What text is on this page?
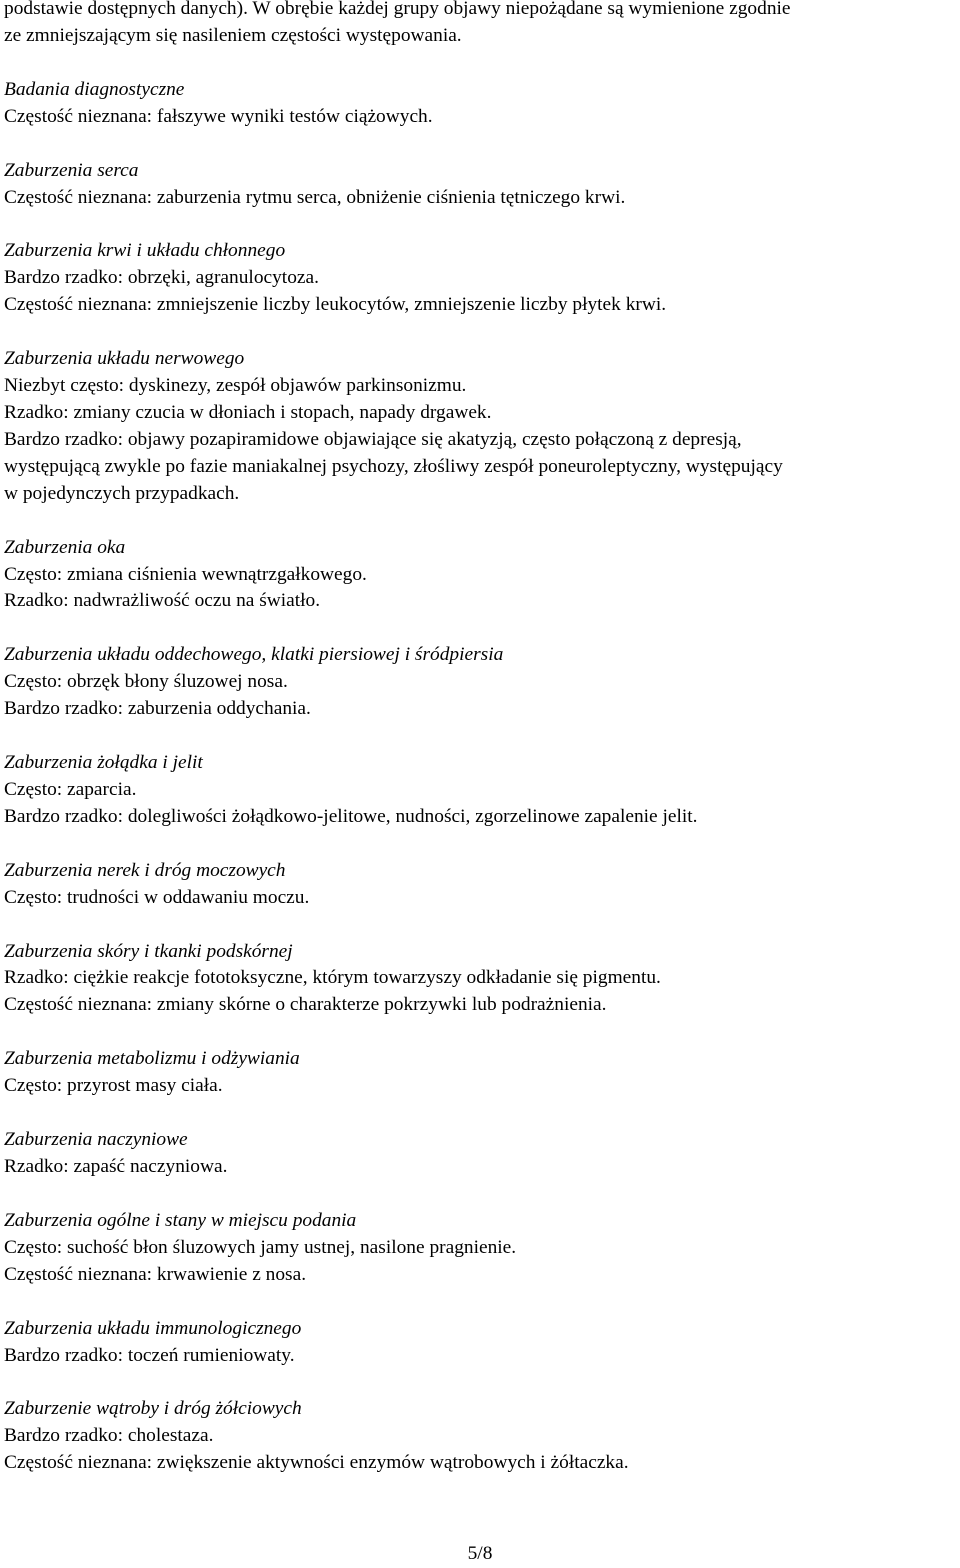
podstawie dostępnych danych). W obrębie każdej grupy objawy niepożądane są wymienione zgodnie
ze zmniejszającym się nasileniem częstości występowania.
Badania diagnostyczne
Częstość nieznana: fałszywe wyniki testów ciążowych.
Zaburzenia serca
Częstość nieznana: zaburzenia rytmu serca, obniżenie ciśnienia tętniczego krwi.
Zaburzenia krwi i układu chłonnego
Bardzo rzadko: obrzęki, agranulocytoza.
Częstość nieznana: zmniejszenie liczby leukocytów, zmniejszenie liczby płytek krwi.
Zaburzenia układu nerwowego
Niezbyt często: dyskinezy, zespół objawów parkinsonizmu.
Rzadko: zmiany czucia w dłoniach i stopach, napady drgawek.
Bardzo rzadko: objawy pozapiramidowe objawiające się akatyzją, często połączoną z depresją,
występującą zwykle po fazie maniakalnej psychozy, złośliwy zespół poneuroleptyczny, występujący
w pojedynczych przypadkach.
Zaburzenia oka
Często: zmiana ciśnienia wewnątrzgałkowego.
Rzadko: nadwrażliwość oczu na światło.
Zaburzenia układu oddechowego, klatki piersiowej i śródpiersia
Często: obrzęk błony śluzowej nosa.
Bardzo rzadko: zaburzenia oddychania.
Zaburzenia żołądka i jelit
Często: zaparcia.
Bardzo rzadko: dolegliwości żołądkowo-jelitowe, nudności, zgorzelinowe zapalenie jelit.
Zaburzenia nerek i dróg moczowych
Często: trudności w oddawaniu moczu.
Zaburzenia skóry i tkanki podskórnej
Rzadko: ciężkie reakcje fototoksyczne, którym towarzyszy odkładanie się pigmentu.
Częstość nieznana: zmiany skórne o charakterze pokrzywki lub podrażnienia.
Zaburzenia metabolizmu i odżywiania
Często: przyrost masy ciała.
Zaburzenia naczyniowe
Rzadko: zapaść naczyniowa.
Zaburzenia ogólne i stany w miejscu podania
Często: suchość błon śluzowych jamy ustnej, nasilone pragnienie.
Częstość nieznana: krwawienie z nosa.
Zaburzenia układu immunologicznego
Bardzo rzadko: toczeń rumieniowaty.
Zaburzenie wątroby i dróg żółciowych
Bardzo rzadko: cholestaza.
Częstość nieznana: zwiększenie aktywności enzymów wątrobowych i żółtaczka.
5/8
